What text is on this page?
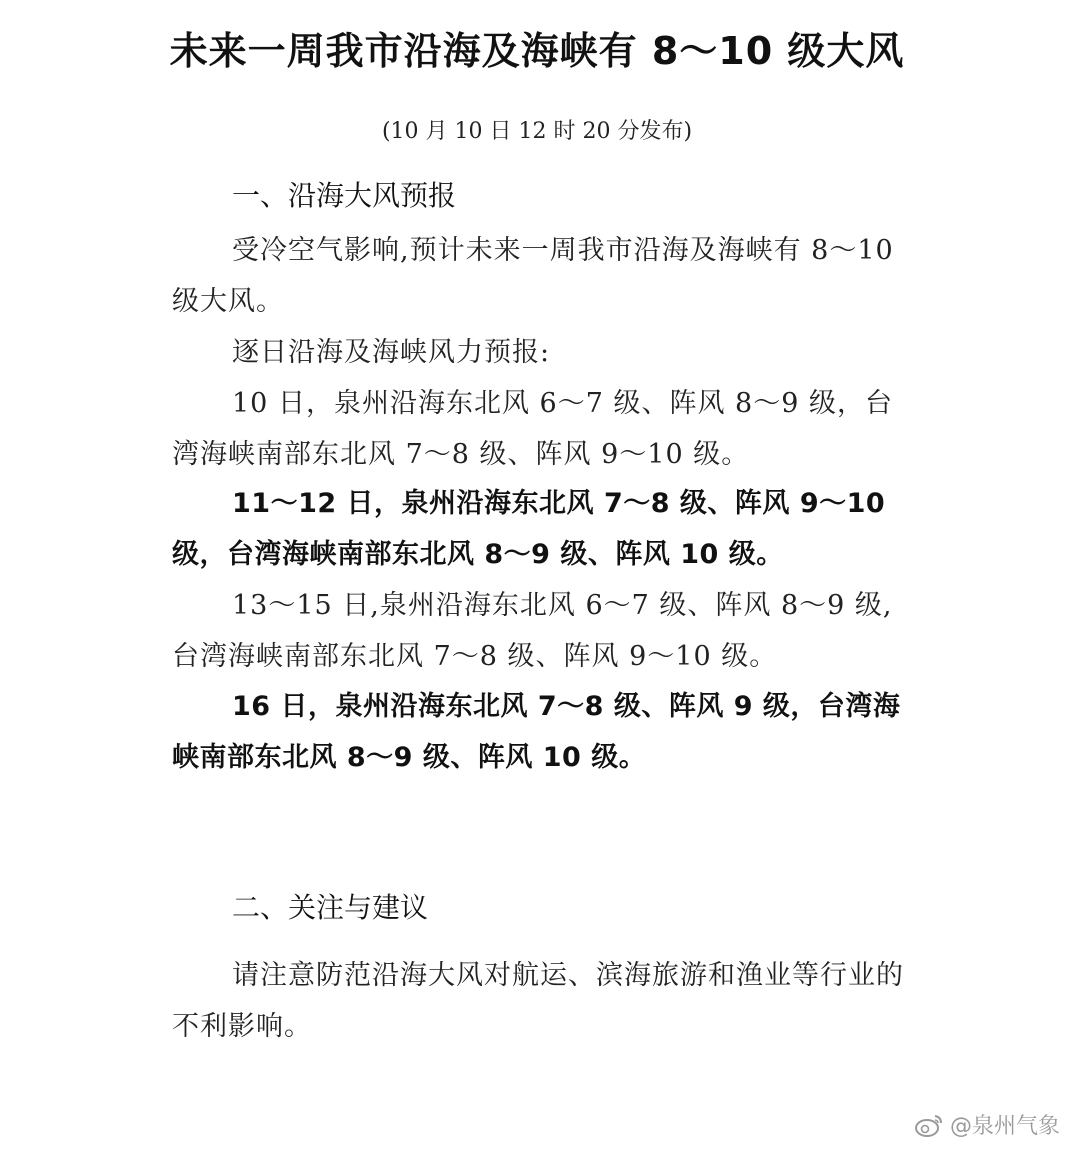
未来一周我市沿海及海峡有 8～10 级大风
(10 月 10 日 12 时 20 分发布)
一、沿海大风预报

受冷空气影响,预计未来一周我市沿海及海峡有 8～10 级大风。

逐日沿海及海峡风力预报:

10 日，泉州沿海东北风 6～7 级、阵风 8～9 级，台湾海峡南部东北风 7～8 级、阵风 9～10 级。

11～12 日，泉州沿海东北风 7～8 级、阵风 9～10 级，台湾海峡南部东北风 8～9 级、阵风 10 级。

13～15 日,泉州沿海东北风 6～7 级、阵风 8～9 级,台湾海峡南部东北风 7～8 级、阵风 9～10 级。

16 日，泉州沿海东北风 7～8 级、阵风 9 级，台湾海峡南部东北风 8～9 级、阵风 10 级。

二、关注与建议

请注意防范沿海大风对航运、滨海旅游和渔业等行业的不利影响。

@泉州气象
